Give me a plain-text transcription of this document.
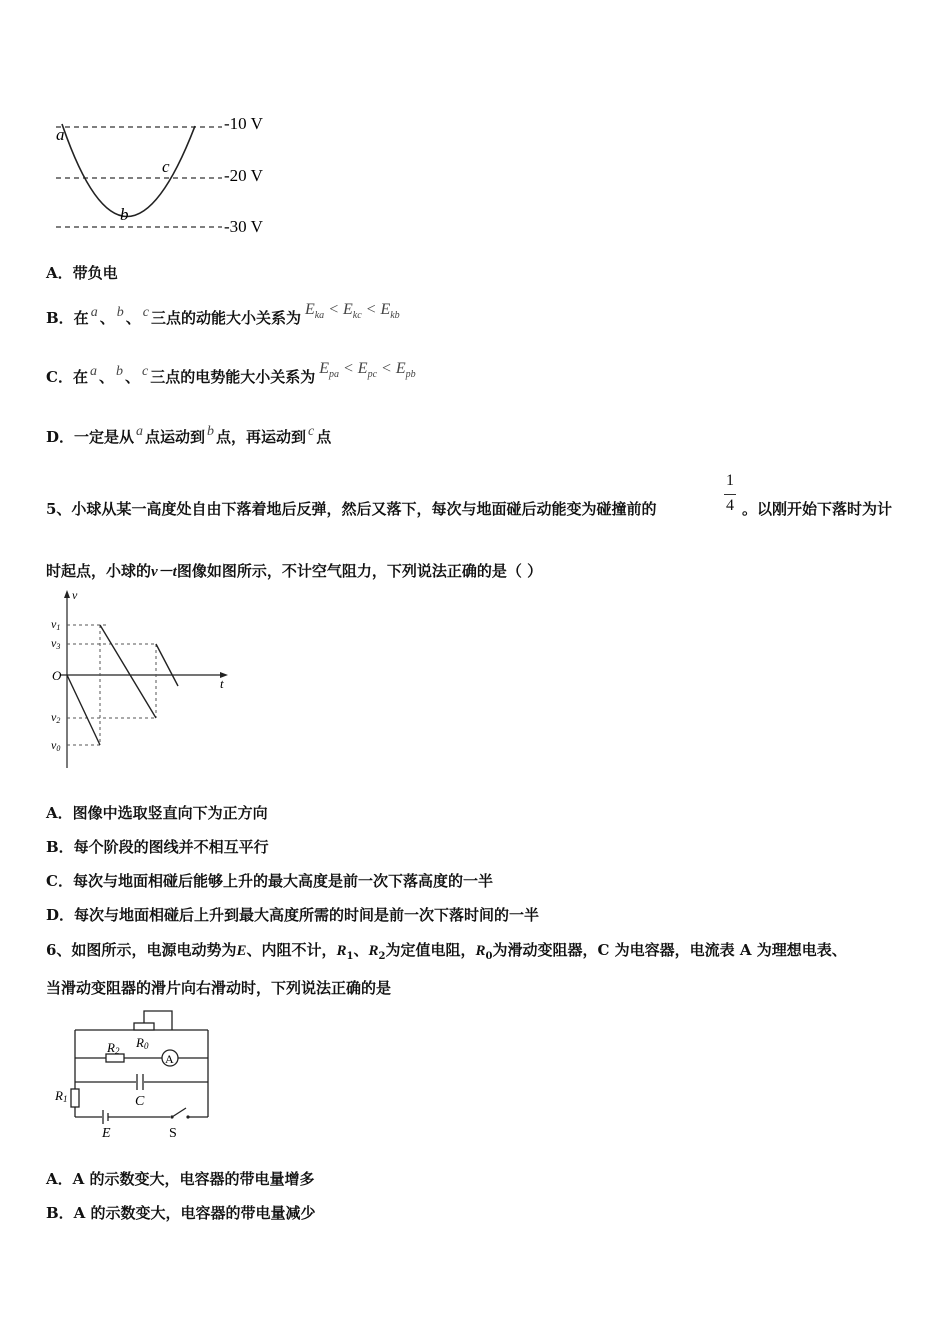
-10 V
-20 V
-30 V
a
b
c
A．带负电
B．在 a 、 b 、 c 三点的动能大小关系为 $E_{ka} < E_{kc} < E_{kb}$
C．在 a 、 b 、 c 三点的电势能大小关系为 $E_{pa} < E_{pc} < E_{pb}$
D．一定是从 a 点运动到 b 点，再运动到 c 点
5、小球从某一高度处自由下落着地后反弹，然后又落下，每次与地面碰后动能变为碰撞前的
1
4 。以刚开始下落时为计
时起点，小球的v－t图像如图所示，不计空气阻力，下列说法正确的是（ ）
v
t
O
v1
v3
v2
v0
A．图像中选取竖直向下为正方向
B．每个阶段的图线并不相互平行
C．每次与地面相碰后能够上升的最大高度是前一次下落高度的一半
D．每次与地面相碰后上升到最大高度所需的时间是前一次下落时间的一半
6、如图所示，电源电动势为E、内阻不计，$R_1$、$R_2$为定值电阻，$R_0$为滑动变阻器，C 为电容器，电流表 A 为理想电表、
当滑动变阻器的滑片向右滑动时，下列说法正确的是
R0
R2
A
C
R1
E	S
A．A 的示数变大，电容器的带电量增多
B．A 的示数变大，电容器的带电量减少
